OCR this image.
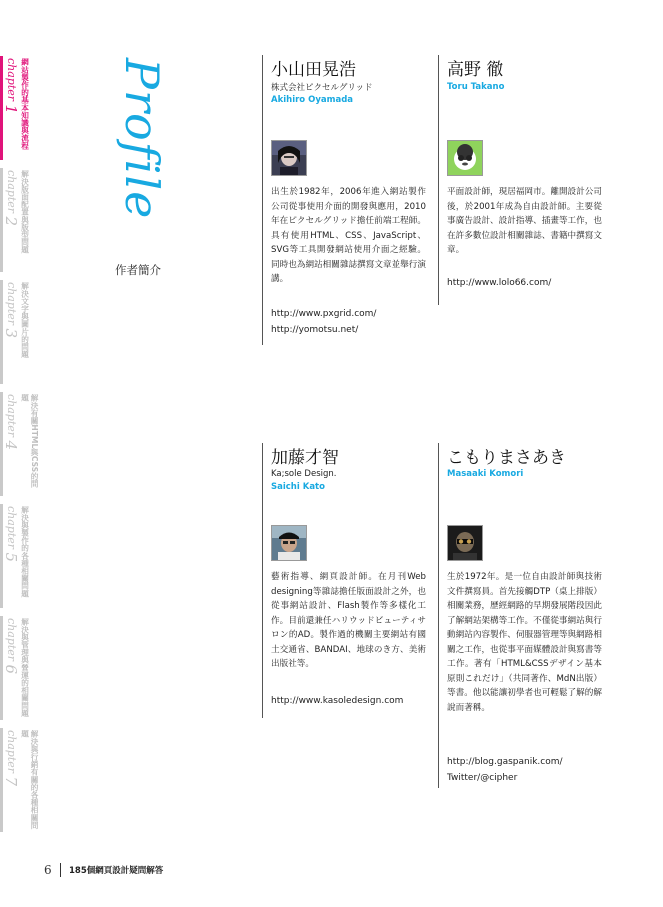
chapter 1 網站製作的基本知識與流程
chapter 2 解決版面配置與版型問題
chapter 3 解決文字與圖片的問題
chapter 4	解決有關HTML與CSS的問題
chapter 5 解決與製作的各種相關問題
chapter 6 解決與管理與營運的相關問題
chapter 7	解決與行銷有關的各種相關問題
Profile
作者簡介
小山田晃浩
株式会社ピクセルグリッド
Akihiro Oyamada
出生於1982年，2006年進入網站製作公司從事使用介面的開發與應用，2010年在ピクセルグリッド擔任前端工程師。具有使用HTML、CSS、JavaScript、SVG等工具開發網站使用介面之經驗。同時也為網站相關雜誌撰寫文章並舉行演講。
http://www.pxgrid.com/
http://yomotsu.net/
高野 徹
Toru Takano
平面設計師，現居福岡市。離開設計公司後，於2001年成為自由設計師。主要從事廣告設計、設計指導、插畫等工作，也在許多數位設計相關雜誌、書籍中撰寫文章。
http://www.lolo66.com/
加藤才智
Ka;sole Design.
Saichi Kato
藝術指導、網頁設計師。在月刊Web designing等雜誌擔任版面設計之外，也從事網站設計、Flash製作等多樣化工作。目前還兼任ハリウッドビューティサロン的AD。製作過的機關主要網站有國土交通省、BANDAI、地球のき方、美術出版社等。
http://www.kasoledesign.com
こもりまさあき
Masaaki Komori
生於1972年。是一位自由設計師與技術文件撰寫員。首先接觸DTP（桌上排版）相關業務，歷經網路的早期發展階段因此了解網站架構等工作。不僅從事網站與行動網站內容製作、伺服器管理等與網路相關之工作，也從事平面媒體設計與寫書等工作。著有「HTML&CSSデザイン基本原則これだけ」（共同著作、MdN出版）等書。他以能讓初學者也可輕鬆了解的解說而著稱。
http://blog.gaspanik.com/
Twitter/@cipher
6	185個網頁設計疑問解答
